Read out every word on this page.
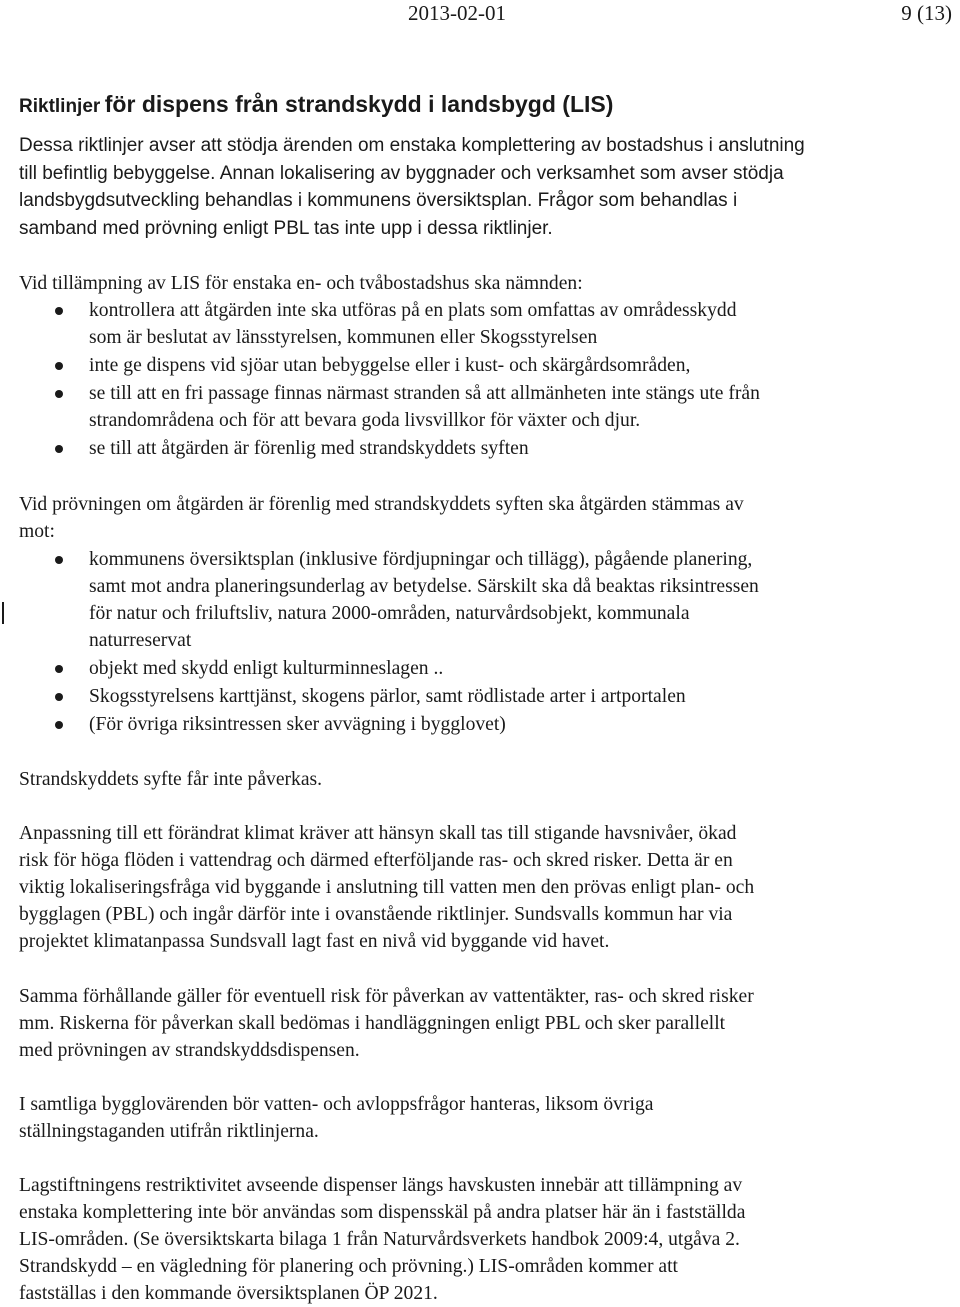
2013-02-01	9 (13)
Riktlinjer för dispens från strandskydd i landsbygd (LIS)

Dessa riktlinjer avser att stödja ärenden om enstaka komplettering av bostadshus i anslutning
till befintlig bebyggelse. Annan lokalisering av byggnader och verksamhet som avser stödja
landsbygdsutveckling behandlas i kommunens översiktsplan. Frågor som behandlas i
samband med prövning enligt PBL tas inte upp i dessa riktlinjer.

Vid tillämpning av LIS för enstaka en- och tvåbostadshus ska nämnden:

kontrollera att åtgärden inte ska utföras på en plats som omfattas av områdesskydd
som är beslutat av länsstyrelsen, kommunen eller Skogsstyrelsen
inte ge dispens vid sjöar utan bebyggelse eller i kust- och skärgårdsområden,
se till att en fri passage finnas närmast stranden så att allmänheten inte stängs ute från
strandområdena och för att bevara goda livsvillkor för växter och djur.
se till att åtgärden är förenlig med strandskyddets syften

Vid prövningen om åtgärden är förenlig med strandskyddets syften ska åtgärden stämmas av
mot:

kommunens översiktsplan (inklusive fördjupningar och tillägg), pågående planering,
samt mot andra planeringsunderlag av betydelse. Särskilt ska då beaktas riksintressen
för natur och friluftsliv, natura 2000-områden, naturvårdsobjekt, kommunala
naturreservat
objekt med skydd enligt kulturminneslagen ..
Skogsstyrelsens karttjänst, skogens pärlor, samt rödlistade arter i artportalen
(För övriga riksintressen sker avvägning i bygglovet)

Strandskyddets syfte får inte påverkas.

Anpassning till ett förändrat klimat kräver att hänsyn skall tas till stigande havsnivåer, ökad
risk för höga flöden i vattendrag och därmed efterföljande ras- och skred risker. Detta är en
viktig lokaliseringsfråga vid byggande i anslutning till vatten men den prövas enligt plan- och
bygglagen (PBL) och ingår därför inte i ovanstående riktlinjer. Sundsvalls kommun har via
projektet klimatanpassa Sundsvall lagt fast en nivå vid byggande vid havet.

Samma förhållande gäller för eventuell risk för påverkan av vattentäkter, ras- och skred risker
mm. Riskerna för påverkan skall bedömas i handläggningen enligt PBL och sker parallellt
med prövningen av strandskyddsdispensen.

I samtliga bygglovärenden bör vatten- och avloppsfrågor hanteras, liksom övriga
ställningstaganden utifrån riktlinjerna.

Lagstiftningens restriktivitet avseende dispenser längs havskusten innebär att tillämpning av
enstaka komplettering inte bör användas som dispensskäl på andra platser här än i fastställda
LIS-områden. (Se översiktskarta bilaga 1 från Naturvårdsverkets handbok 2009:4, utgåva 2.
Strandskydd – en vägledning för planering och prövning.) LIS-områden kommer att
fastställas i den kommande översiktsplanen ÖP 2021.
